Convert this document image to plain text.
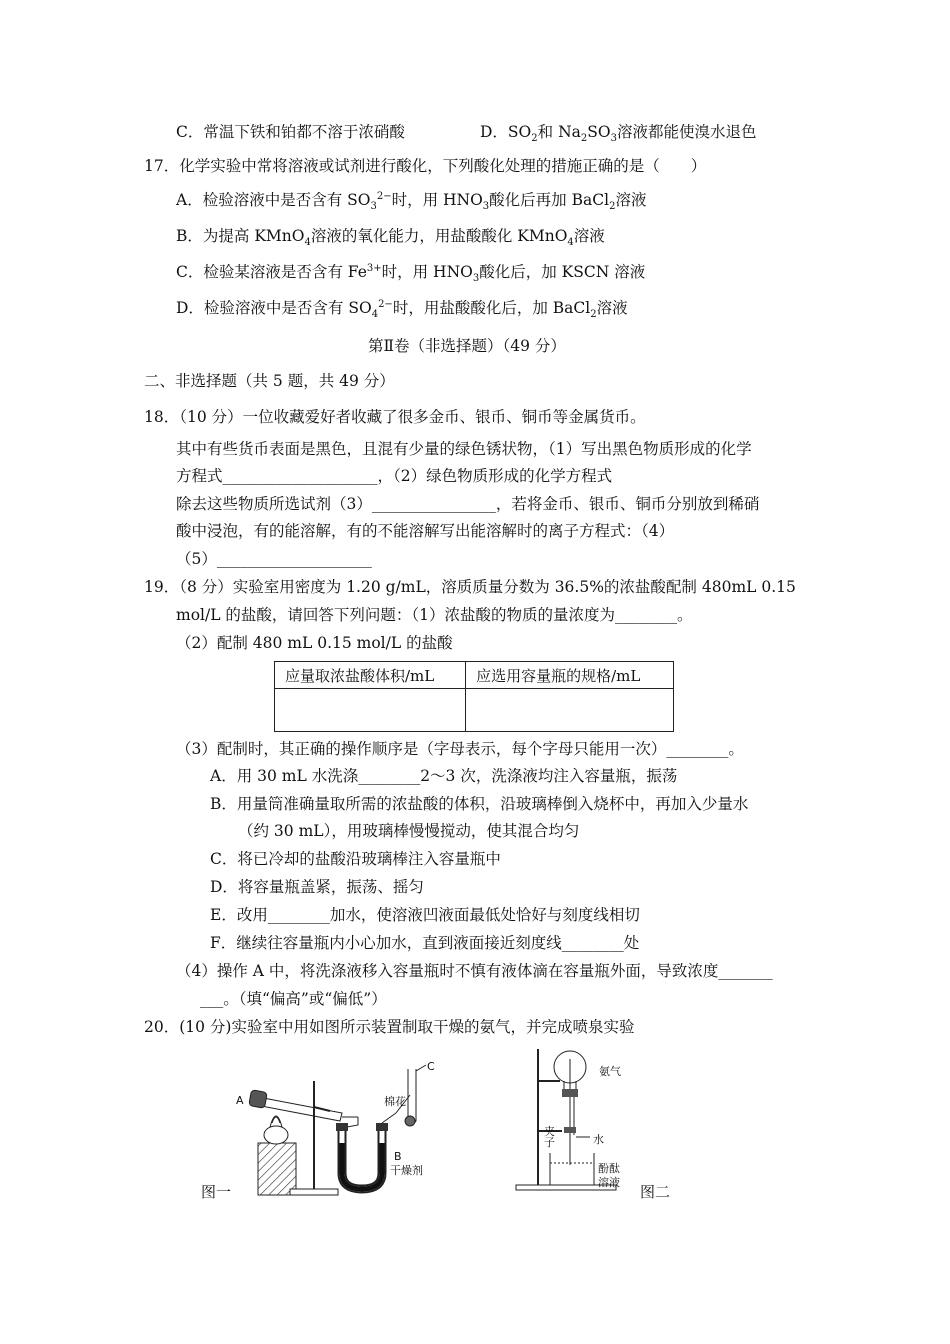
C．常温下铁和铂都不溶于浓硝酸	D．$SO_2$和 $Na_2SO_3$溶液都能使溴水退色
17．化学实验中常将溶液或试剂进行酸化，下列酸化处理的措施正确的是（　　）
A．检验溶液中是否含有 $SO_3^{2-}$时，用 $HNO_3$酸化后再加 BaCl$_2$溶液
B．为提高 KMnO$_4$溶液的氧化能力，用盐酸酸化 KMnO$_4$溶液
C．检验某溶液是否含有 $Fe^{3+}$时，用 $HNO_3$酸化后，加 KSCN 溶液
D．检验溶液中是否含有 $SO_4^{2-}$时，用盐酸酸化后，加 BaCl$_2$溶液
第Ⅱ卷（非选择题）（49 分）
二、非选择题（共 5 题，共 49 分）
18．（10 分）一位收藏爱好者收藏了很多金币、银币、铜币等金属货币。
其中有些货币表面是黑色，且混有少量的绿色锈状物，（1）写出黑色物质形成的化学
方程式____________________，（2）绿色物质形成的化学方程式
除去这些物质所选试剂（3）________________，若将金币、银币、铜币分别放到稀硝
酸中浸泡，有的能溶解，有的不能溶解写出能溶解时的离子方程式：（4）
（5）____________________
19．（8 分）实验室用密度为 1.20 g/mL，溶质质量分数为 36.5%的浓盐酸配制 480mL 0.15
mol/L 的盐酸，请回答下列问题：（1）浓盐酸的物质的量浓度为________。
（2）配制 480 mL 0.15 mol/L 的盐酸
应量取浓盐酸体积/mL	应选用容量瓶的规格/mL

（3）配制时，其正确的操作顺序是（字母表示，每个字母只能用一次）________。
A．用 30 mL 水洗涤________2～3 次，洗涤液均注入容量瓶，振荡
B．用量筒准确量取所需的浓盐酸的体积，沿玻璃棒倒入烧杯中，再加入少量水
（约 30 mL），用玻璃棒慢慢搅动，使其混合均匀
C．将已冷却的盐酸沿玻璃棒注入容量瓶中
D．将容量瓶盖紧，振荡、摇匀
E．改用________加水，使溶液凹液面最低处恰好与刻度线相切
F．继续往容量瓶内小心加水，直到液面接近刻度线________处
（4）操作 A 中，将洗涤液移入容量瓶时不慎有液体滴在容量瓶外面，导致浓度_______
___。（填“偏高”或“偏低”）
20．(10 分)实验室中用如图所示装置制取干燥的氨气，并完成喷泉实验
A
C
棉花
B
干燥剂
图一
氨气
夹
子	水
酚酞
溶液
图二
